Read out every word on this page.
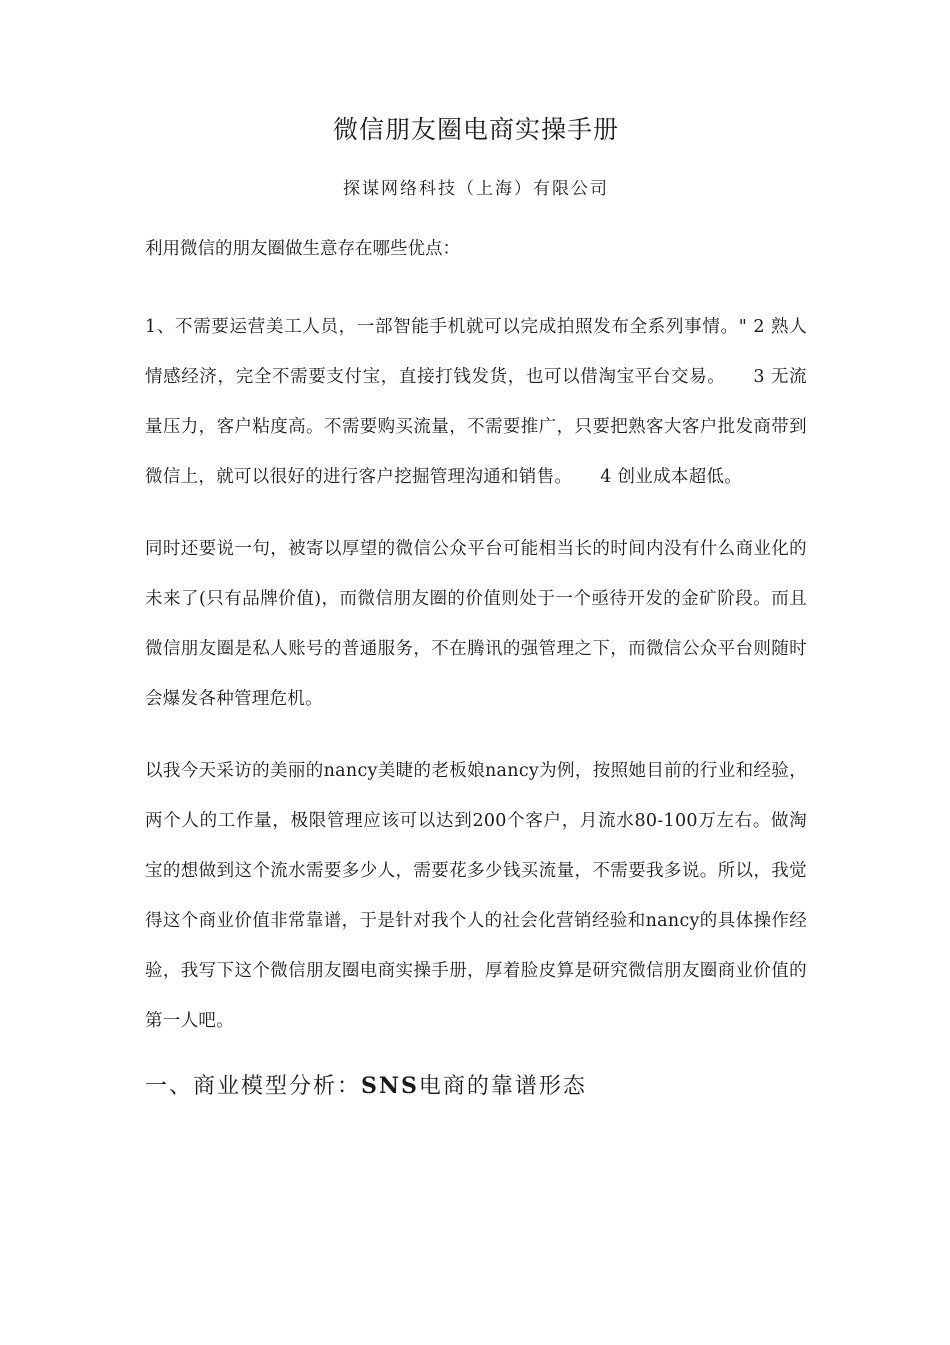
微信朋友圈电商实操手册

探谋网络科技（上海）有限公司

利用微信的朋友圈做生意存在哪些优点：

1、不需要运营美工人员，一部智能手机就可以完成拍照发布全系列事情。" 2 熟人情感经济，完全不需要支付宝，直接打钱发货，也可以借淘宝平台交易。 3 无流量压力，客户粘度高。不需要购买流量，不需要推广，只要把熟客大客户批发商带到微信上，就可以很好的进行客户挖掘管理沟通和销售。 4 创业成本超低。

同时还要说一句，被寄以厚望的微信公众平台可能相当长的时间内没有什么商业化的未来了(只有品牌价值)，而微信朋友圈的价值则处于一个亟待开发的金矿阶段。而且微信朋友圈是私人账号的普通服务，不在腾讯的强管理之下，而微信公众平台则随时会爆发各种管理危机。

以我今天采访的美丽的nancy美睫的老板娘nancy为例，按照她目前的行业和经验，两个人的工作量，极限管理应该可以达到200个客户，月流水80-100万左右。做淘宝的想做到这个流水需要多少人，需要花多少钱买流量，不需要我多说。所以，我觉得这个商业价值非常靠谱，于是针对我个人的社会化营销经验和nancy的具体操作经验，我写下这个微信朋友圈电商实操手册，厚着脸皮算是研究微信朋友圈商业价值的第一人吧。

一、商业模型分析：SNS电商的靠谱形态
